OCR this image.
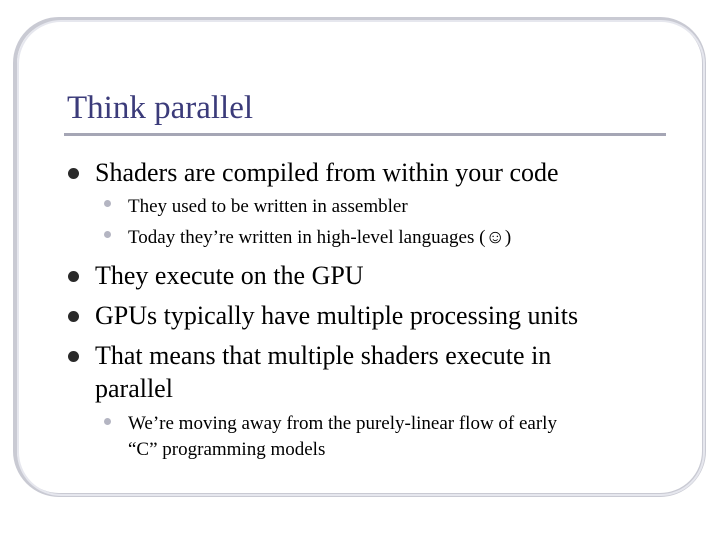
Think parallel
Shaders are compiled from within your code
They used to be written in assembler
Today they’re written in high-level languages (☺)
They execute on the GPU
GPUs typically have multiple processing units
That means that multiple shaders execute in
parallel
We’re moving away from the purely-linear flow of early
“C” programming models
